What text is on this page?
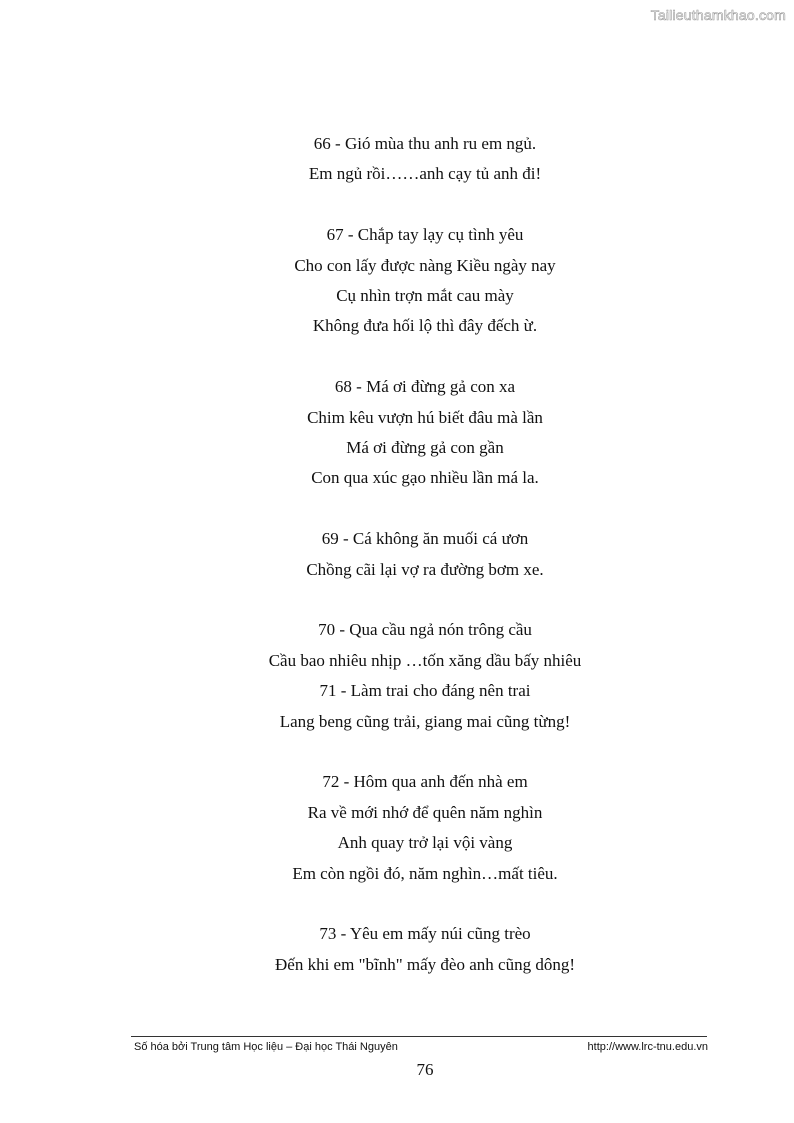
Tailieuthamkhao.com
66 - Gió mùa thu anh ru em ngủ.
Em ngủ rồi……anh cạy tủ anh đi!
67 - Chắp tay lạy cụ tình yêu
Cho con lấy được nàng Kiều ngày nay
Cụ nhìn trợn mắt cau mày
Không đưa hối lộ thì đây đếch ừ.
68 - Má ơi đừng gả con xa
Chim kêu vượn hú biết đâu mà lần
Má ơi đừng gả con gần
Con qua xúc gạo nhiều lần má la.
69 - Cá không ăn muối cá ươn
Chồng cãi lại vợ ra đường bơm xe.
70 - Qua cầu ngả nón trông cầu
Cầu bao nhiêu nhịp …tốn xăng dầu bấy nhiêu
71 - Làm trai cho đáng nên trai
Lang beng cũng trải, giang mai cũng từng!
72 - Hôm qua anh đến nhà em
Ra về mới nhớ để quên năm nghìn
Anh quay trở lại vội vàng
Em còn ngồi đó, năm nghìn…mất tiêu.
73 - Yêu em mấy núi cũng trèo
Đến khi em "bĩnh" mấy đèo anh cũng dông!
Số hóa bởi Trung tâm Học liệu – Đại học Thái Nguyên	http://www.lrc-tnu.edu.vn
76
